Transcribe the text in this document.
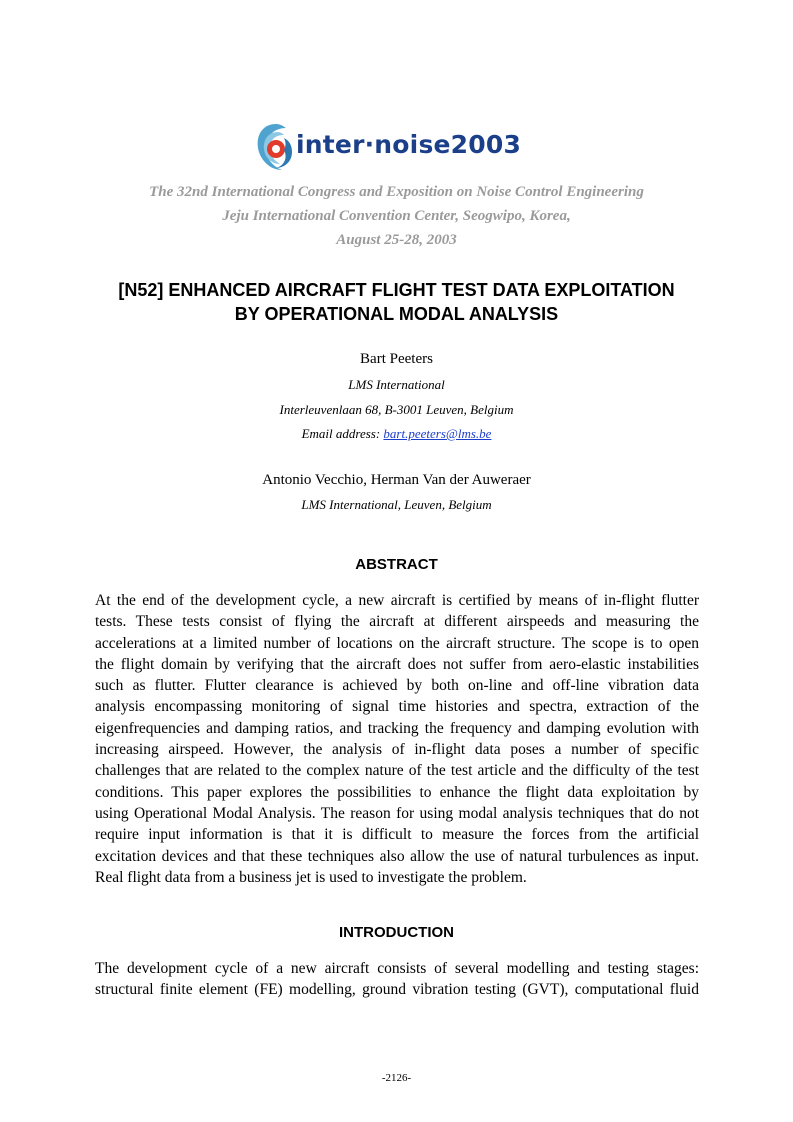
inter·noise2003
The 32nd International Congress and Exposition on Noise Control Engineering
Jeju International Convention Center, Seogwipo, Korea,
August 25-28, 2003
[N52] ENHANCED AIRCRAFT FLIGHT TEST DATA EXPLOITATION
BY OPERATIONAL MODAL ANALYSIS
Bart Peeters
LMS International
Interleuvenlaan 68, B-3001 Leuven, Belgium
Email address: bart.peeters@lms.be
Antonio Vecchio, Herman Van der Auweraer
LMS International, Leuven, Belgium
ABSTRACT
At the end of the development cycle, a new aircraft is certified by means of in-flight flutter
tests. These tests consist of flying the aircraft at different airspeeds and measuring the
accelerations at a limited number of locations on the aircraft structure. The scope is to open
the flight domain by verifying that the aircraft does not suffer from aero-elastic instabilities
such as flutter. Flutter clearance is achieved by both on-line and off-line vibration data
analysis encompassing monitoring of signal time histories and spectra, extraction of the
eigenfrequencies and damping ratios, and tracking the frequency and damping evolution with
increasing airspeed. However, the analysis of in-flight data poses a number of specific
challenges that are related to the complex nature of the test article and the difficulty of the test
conditions. This paper explores the possibilities to enhance the flight data exploitation by
using Operational Modal Analysis. The reason for using modal analysis techniques that do not
require input information is that it is difficult to measure the forces from the artificial
excitation devices and that these techniques also allow the use of natural turbulences as input.
Real flight data from a business jet is used to investigate the problem.
INTRODUCTION
The development cycle of a new aircraft consists of several modelling and testing stages:
structural finite element (FE) modelling, ground vibration testing (GVT), computational fluid
-2126-
